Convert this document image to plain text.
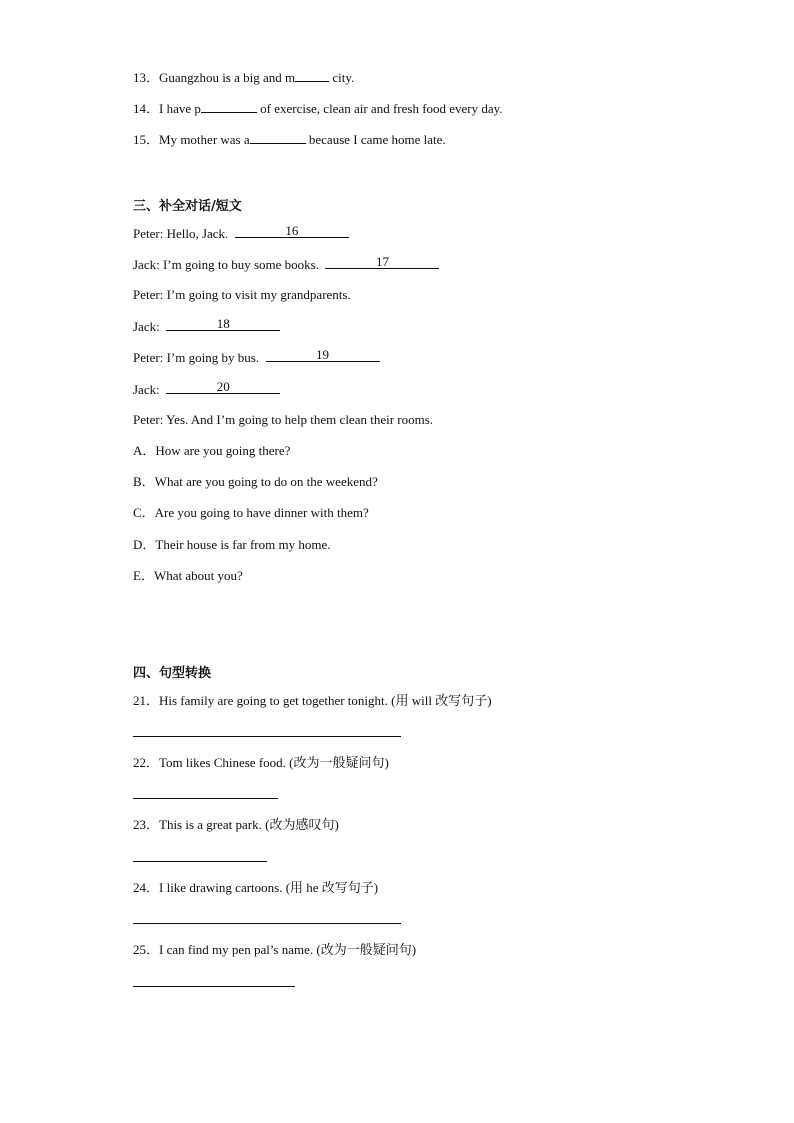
13．Guangzhou is a big and m	city.
14．I have p	of exercise, clean air and fresh food every day.
15．My mother was a	because I came home late.
三、补全对话/短文
Peter: Hello, Jack.	16
Jack: I’m going to buy some books.	17
Peter: I’m going to visit my grandparents.
Jack:	18
Peter: I’m going by bus.	19
Jack:	20
Peter: Yes. And I’m going to help them clean their rooms.
A．How are you going there?
B．What are you going to do on the weekend?
C．Are you going to have dinner with them?
D．Their house is far from my home.
E．What about you?
四、句型转换
21．His family are going to get together tonight. (用 will 改写句子)
22．Tom likes Chinese food. (改为一般疑问句)
23．This is a great park. (改为感叹句)
24．I like drawing cartoons. (用 he 改写句子)
25．I can find my pen pal’s name. (改为一般疑问句)
